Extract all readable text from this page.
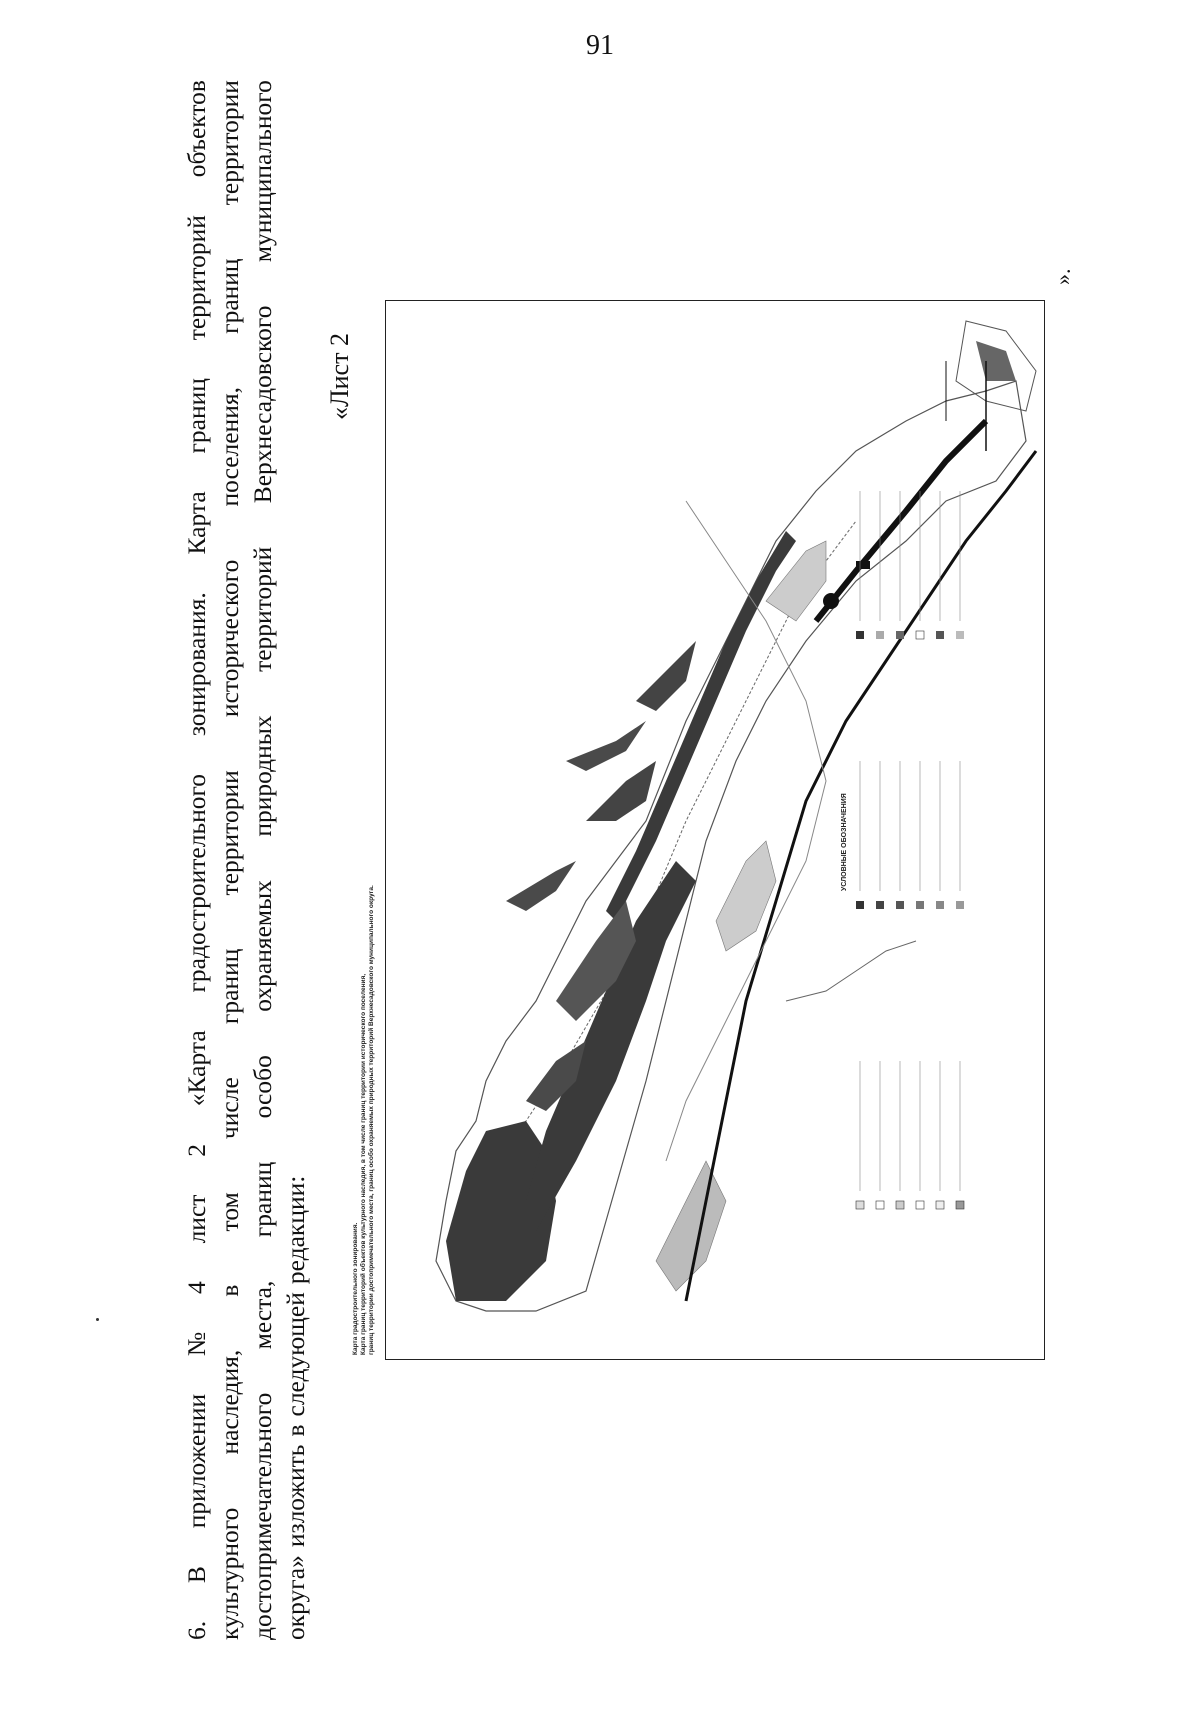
91
6.
В
приложении
№
4
лист
2
«Карта
градостроительного
зонирования.
Карта
границ
территорий
объектов
культурного
наследия,
в
том
числе
границ
территории
исторического
поселения,
границ
территории
достопримечательного
места,
границ
особо
охраняемых
природных
территорий
Верхнесадовского
муниципального
округа»
изложить
в
следующей
редакции:
«Лист 2
».
УСЛОВНЫЕ ОБОЗНАЧЕНИЯ
Карта градостроительного зонирования. Карта границ территорий объектов культурного наследия, в том числе границ территории исторического поселения, границ территории достопримечательного места, границ особо охраняемых природных территорий Верхнесадовского муниципального округа.
